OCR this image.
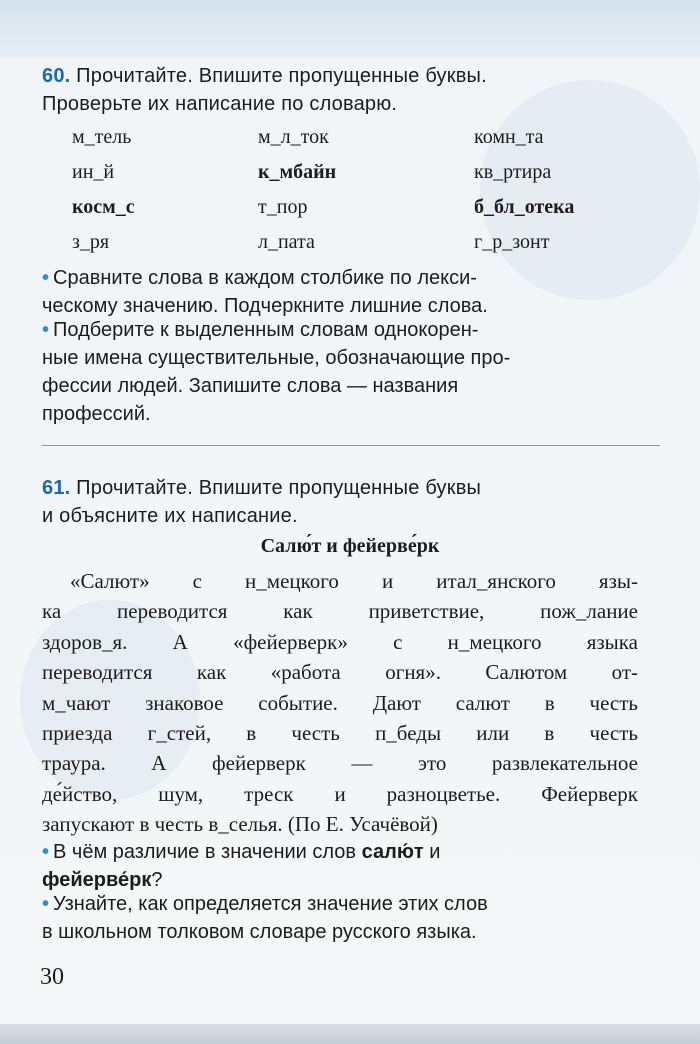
60. Прочитайте. Впишите пропущенные буквы.
Проверьте их написание по словарю.
м_тель	м_л_ток	комн_та
ин_й	к_мбайн	кв_ртира
косм_с	т_пор	б_бл_отека
з_ря	л_пата	г_р_зонт
• Сравните слова в каждом столбике по лекси-
ческому значению. Подчеркните лишние слова.
• Подберите к выделенным словам однокорен-
ные имена существительные, обозначающие про-
фессии людей. Запишите слова — названия
профессий.
61. Прочитайте. Впишите пропущенные буквы
и объясните их написание.
Салю́т и фейерве́рк
«Салют» с н_мецкого и итал_янского язы-
ка переводится как приветствие, пож_лание
здоров_я. А «фейерверк» с н_мецкого языка
переводится как «работа огня». Салютом от-
м_чают знаковое событие. Дают салют в честь
приезда г_стей, в честь п_беды или в честь
траура. А фейерверк — это развлекательное
де́йство, шум, треск и разноцветье. Фейерверк
запускают в честь в_селья. (По Е. Усачёвой)
• В чём различие в значении слов салю́т и
фейерве́рк?
• Узнайте, как определяется значение этих слов
в школьном толковом словаре русского языка.
30
